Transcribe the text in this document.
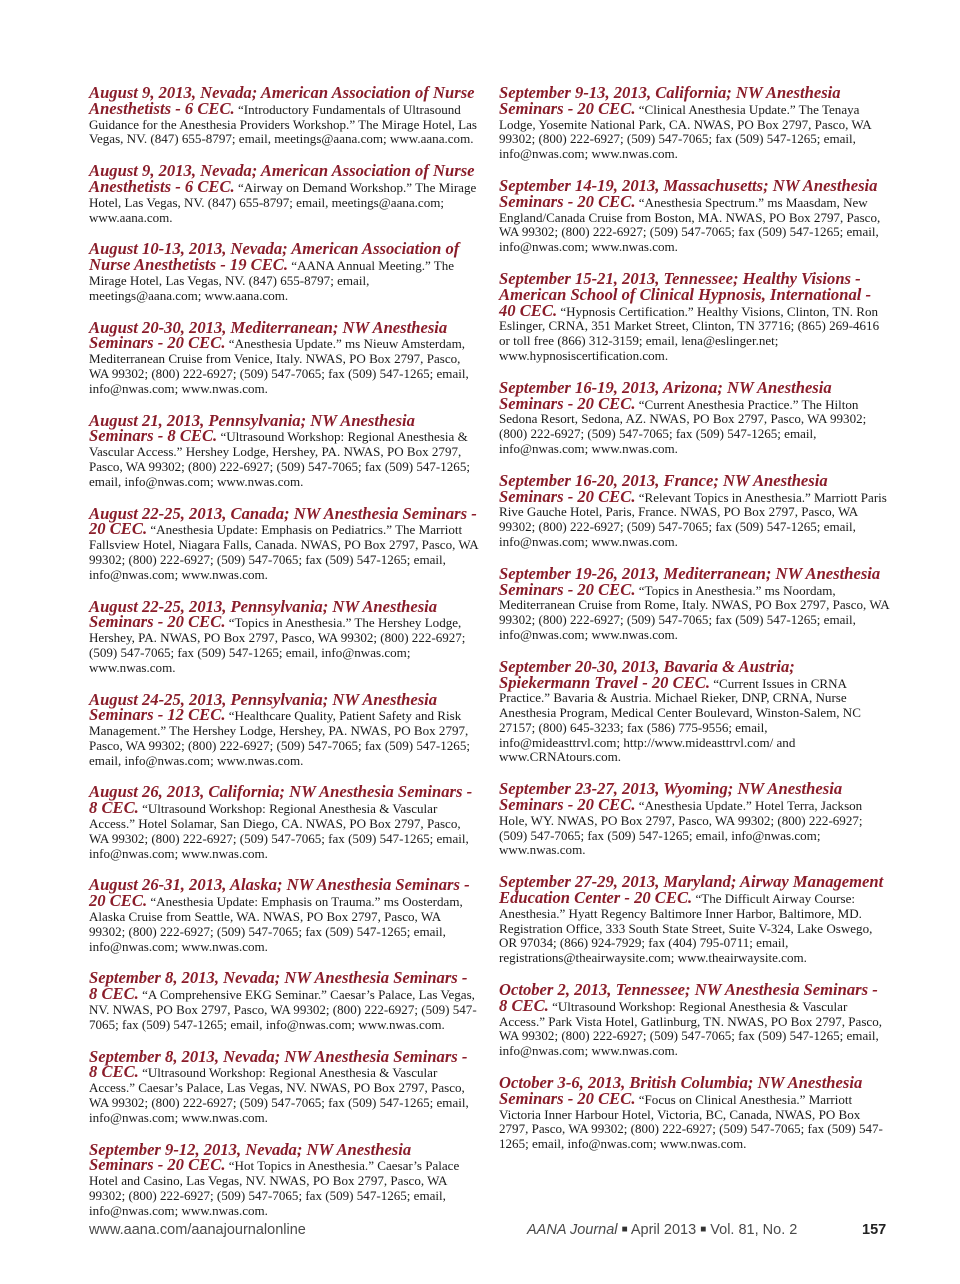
August 9, 2013, Nevada; American Association of Nurse Anesthetists - 6 CEC. “Introductory Fundamentals of Ultrasound Guidance for the Anesthesia Providers Workshop.” The Mirage Hotel, Las Vegas, NV. (847) 655-8797; email, meetings@aana.com; www.aana.com.

August 9, 2013, Nevada; American Association of Nurse Anesthetists - 6 CEC. “Airway on Demand Workshop.” The Mirage Hotel, Las Vegas, NV. (847) 655-8797; email, meetings@aana.com; www.aana.com.

August 10-13, 2013, Nevada; American Association of Nurse Anesthetists - 19 CEC. “AANA Annual Meeting.” The Mirage Hotel, Las Vegas, NV. (847) 655-8797; email, meetings@aana.com; www.aana.com.

August 20-30, 2013, Mediterranean; NW Anesthesia Seminars - 20 CEC. “Anesthesia Update.” ms Nieuw Amsterdam, Mediterranean Cruise from Venice, Italy. NWAS, PO Box 2797, Pasco, WA 99302; (800) 222-6927; (509) 547-7065; fax (509) 547-1265; email, info@nwas.com; www.nwas.com.

August 21, 2013, Pennsylvania; NW Anesthesia Seminars - 8 CEC. “Ultrasound Workshop: Regional Anesthesia & Vascular Access.” Hershey Lodge, Hershey, PA. NWAS, PO Box 2797, Pasco, WA 99302; (800) 222-6927; (509) 547-7065; fax (509) 547-1265; email, info@nwas.com; www.nwas.com.

August 22-25, 2013, Canada; NW Anesthesia Seminars - 20 CEC. “Anesthesia Update: Emphasis on Pediatrics.” The Marriott Fallsview Hotel, Niagara Falls, Canada. NWAS, PO Box 2797, Pasco, WA 99302; (800) 222-6927; (509) 547-7065; fax (509) 547-1265; email, info@nwas.com; www.nwas.com.

August 22-25, 2013, Pennsylvania; NW Anesthesia Seminars - 20 CEC. “Topics in Anesthesia.” The Hershey Lodge, Hershey, PA. NWAS, PO Box 2797, Pasco, WA 99302; (800) 222-6927; (509) 547-7065; fax (509) 547-1265; email, info@nwas.com; www.nwas.com.

August 24-25, 2013, Pennsylvania; NW Anesthesia Seminars - 12 CEC. “Healthcare Quality, Patient Safety and Risk Management.” The Hershey Lodge, Hershey, PA. NWAS, PO Box 2797, Pasco, WA 99302; (800) 222-6927; (509) 547-7065; fax (509) 547-1265; email, info@nwas.com; www.nwas.com.

August 26, 2013, California; NW Anesthesia Seminars - 8 CEC. “Ultrasound Workshop: Regional Anesthesia & Vascular Access.” Hotel Solamar, San Diego, CA. NWAS, PO Box 2797, Pasco, WA 99302; (800) 222-6927; (509) 547-7065; fax (509) 547-1265; email, info@nwas.com; www.nwas.com.

August 26-31, 2013, Alaska; NW Anesthesia Seminars - 20 CEC. “Anesthesia Update: Emphasis on Trauma.” ms Oosterdam, Alaska Cruise from Seattle, WA. NWAS, PO Box 2797, Pasco, WA 99302; (800) 222-6927; (509) 547-7065; fax (509) 547-1265; email, info@nwas.com; www.nwas.com.

September 8, 2013, Nevada; NW Anesthesia Seminars - 8 CEC. “A Comprehensive EKG Seminar.” Caesar’s Palace, Las Vegas, NV. NWAS, PO Box 2797, Pasco, WA 99302; (800) 222-6927; (509) 547-7065; fax (509) 547-1265; email, info@nwas.com; www.nwas.com.

September 8, 2013, Nevada; NW Anesthesia Seminars - 8 CEC. “Ultrasound Workshop: Regional Anesthesia & Vascular Access.” Caesar’s Palace, Las Vegas, NV. NWAS, PO Box 2797, Pasco, WA 99302; (800) 222-6927; (509) 547-7065; fax (509) 547-1265; email, info@nwas.com; www.nwas.com.

September 9-12, 2013, Nevada; NW Anesthesia Seminars - 20 CEC. “Hot Topics in Anesthesia.” Caesar’s Palace Hotel and Casino, Las Vegas, NV. NWAS, PO Box 2797, Pasco, WA 99302; (800) 222-6927; (509) 547-7065; fax (509) 547-1265; email, info@nwas.com; www.nwas.com.

September 9-13, 2013, California; NW Anesthesia Seminars - 20 CEC. “Clinical Anesthesia Update.” The Tenaya Lodge, Yosemite National Park, CA. NWAS, PO Box 2797, Pasco, WA 99302; (800) 222-6927; (509) 547-7065; fax (509) 547-1265; email, info@nwas.com; www.nwas.com.

September 14-19, 2013, Massachusetts; NW Anesthesia Seminars - 20 CEC. “Anesthesia Spectrum.” ms Maasdam, New England/Canada Cruise from Boston, MA. NWAS, PO Box 2797, Pasco, WA 99302; (800) 222-6927; (509) 547-7065; fax (509) 547-1265; email, info@nwas.com; www.nwas.com.

September 15-21, 2013, Tennessee; Healthy Visions - American School of Clinical Hypnosis, International - 40 CEC. “Hypnosis Certification.” Healthy Visions, Clinton, TN. Ron Eslinger, CRNA, 351 Market Street, Clinton, TN 37716; (865) 269-4616 or toll free (866) 312-3159; email, lena@eslinger.net; www.hypnosiscertification.com.

September 16-19, 2013, Arizona; NW Anesthesia Seminars - 20 CEC. “Current Anesthesia Practice.” The Hilton Sedona Resort, Sedona, AZ. NWAS, PO Box 2797, Pasco, WA 99302; (800) 222-6927; (509) 547-7065; fax (509) 547-1265; email, info@nwas.com; www.nwas.com.

September 16-20, 2013, France; NW Anesthesia Seminars - 20 CEC. “Relevant Topics in Anesthesia.” Marriott Paris Rive Gauche Hotel, Paris, France. NWAS, PO Box 2797, Pasco, WA 99302; (800) 222-6927; (509) 547-7065; fax (509) 547-1265; email, info@nwas.com; www.nwas.com.

September 19-26, 2013, Mediterranean; NW Anesthesia Seminars - 20 CEC. “Topics in Anesthesia.” ms Noordam, Mediterranean Cruise from Rome, Italy. NWAS, PO Box 2797, Pasco, WA 99302; (800) 222-6927; (509) 547-7065; fax (509) 547-1265; email, info@nwas.com; www.nwas.com.

September 20-30, 2013, Bavaria & Austria; Spiekermann Travel - 20 CEC. “Current Issues in CRNA Practice.” Bavaria & Austria. Michael Rieker, DNP, CRNA, Nurse Anesthesia Program, Medical Center Boulevard, Winston-Salem, NC 27157; (800) 645-3233; fax (586) 775-9556; email, info@mideasttrvl.com; http://www.mideasttrvl.com/ and www.CRNAtours.com.

September 23-27, 2013, Wyoming; NW Anesthesia Seminars - 20 CEC. “Anesthesia Update.” Hotel Terra, Jackson Hole, WY. NWAS, PO Box 2797, Pasco, WA 99302; (800) 222-6927; (509) 547-7065; fax (509) 547-1265; email, info@nwas.com; www.nwas.com.

September 27-29, 2013, Maryland; Airway Management Education Center - 20 CEC. “The Difficult Airway Course: Anesthesia.” Hyatt Regency Baltimore Inner Harbor, Baltimore, MD. Registration Office, 333 South State Street, Suite V-324, Lake Oswego, OR 97034; (866) 924-7929; fax (404) 795-0711; email, registrations@theairwaysite.com; www.theairwaysite.com.

October 2, 2013, Tennessee; NW Anesthesia Seminars - 8 CEC. “Ultrasound Workshop: Regional Anesthesia & Vascular Access.” Park Vista Hotel, Gatlinburg, TN. NWAS, PO Box 2797, Pasco, WA 99302; (800) 222-6927; (509) 547-7065; fax (509) 547-1265; email, info@nwas.com; www.nwas.com.

October 3-6, 2013, British Columbia; NW Anesthesia Seminars - 20 CEC. “Focus on Clinical Anesthesia.” Marriott Victoria Inner Harbour Hotel, Victoria, BC, Canada, NWAS, PO Box 2797, Pasco, WA 99302; (800) 222-6927; (509) 547-7065; fax (509) 547-1265; email, info@nwas.com; www.nwas.com.

www.aana.com/aanajournalonline	AANA Journal ■ April 2013 ■ Vol. 81, No. 2	157
